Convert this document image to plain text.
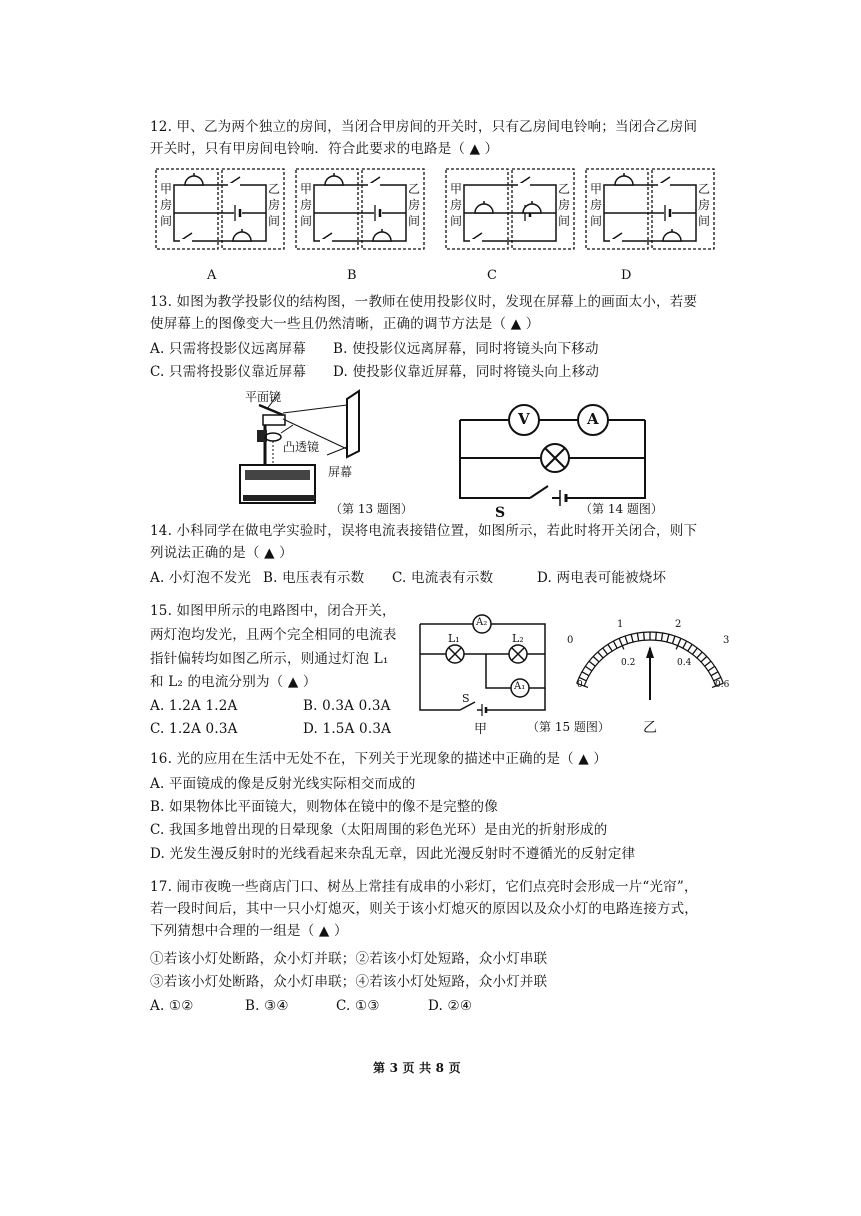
12. 甲、乙为两个独立的房间，当闭合甲房间的开关时，只有乙房间电铃响；当闭合乙房间
开关时，只有甲房间电铃响．符合此要求的电路是（ ▲ ）
甲
房
间
乙
房
间
甲
房
间
乙
房
间
甲
房
间
乙
房
间
甲
房
间
乙
房
间
A	B	C	D
13. 如图为教学投影仪的结构图，一教师在使用投影仪时，发现在屏幕上的画面太小，若要
使屏幕上的图像变大一些且仍然清晰，正确的调节方法是（ ▲ ）
A. 只需将投影仪远离屏幕 B. 使投影仪远离屏幕，同时将镜头向下移动
C. 只需将投影仪靠近屏幕 D. 使投影仪靠近屏幕，同时将镜头向上移动
平面镜
凸透镜
屏幕
（第 13 题图）
V	A
S	（第 14 题图）
14. 小科同学在做电学实验时，误将电流表接错位置，如图所示，若此时将开关闭合，则下
列说法正确的是（ ▲ ）
A. 小灯泡不发光 B. 电压表有示数 C. 电流表有示数	D. 两电表可能被烧坏
15. 如图甲所示的电路图中，闭合开关，
两灯泡均发光，且两个完全相同的电流表
指针偏转均如图乙所示，则通过灯泡 L₁
和 L₂ 的电流分别为（ ▲ ）
A. 1.2A 1.2A	B. 0.3A 0.3A
C. 1.2A 0.3A	D. 1.5A 0.3A
A₂
A₁
L₁	L₂
S
甲	（第 15 题图） 乙
0
1	2
3
0
0.2	0.4
0.6
16. 光的应用在生活中无处不在，下列关于光现象的描述中正确的是（ ▲ ）
A. 平面镜成的像是反射光线实际相交而成的
B. 如果物体比平面镜大，则物体在镜中的像不是完整的像
C. 我国多地曾出现的日晕现象（太阳周围的彩色光环）是由光的折射形成的
D. 光发生漫反射时的光线看起来杂乱无章，因此光漫反射时不遵循光的反射定律
17. 闹市夜晚一些商店门口、树丛上常挂有成串的小彩灯，它们点亮时会形成一片“光帘”，
若一段时间后，其中一只小灯熄灭，则关于该小灯熄灭的原因以及众小灯的电路连接方式，
下列猜想中合理的一组是（ ▲ ）
①若该小灯处断路，众小灯并联；②若该小灯处短路，众小灯串联
③若该小灯处断路，众小灯串联；④若该小灯处短路，众小灯并联
A. ①②	B. ③④	C. ①③	D. ②④
第 3 页 共 8 页
